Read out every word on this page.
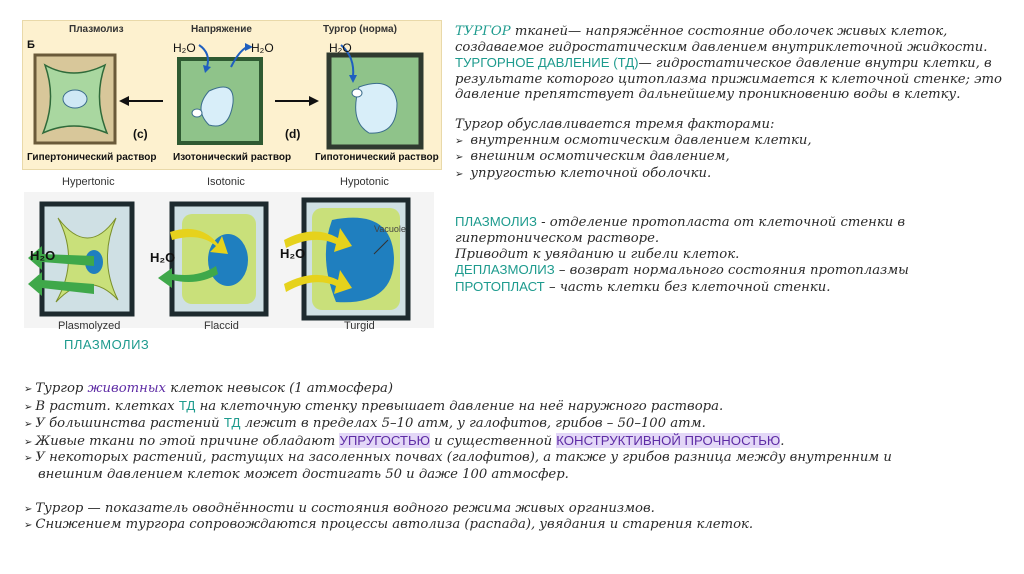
Б
Плазмолиз	Напряжение	Тургор (норма)
H₂O	H₂O	H₂O
(c)	(d)
Гипертонический раствор Изотонический раствор Гипотонический раствор
Hypertonic	Isotonic	Hypotonic
Vacuole
H₂O	H₂O	H₂O
Plasmolyzed	Flaccid	Turgid
ПЛАЗМОЛИЗ

ТУРГОР тканей— напряжённое состояние оболочек живых клеток, создаваемое гидростатическим давлением внутриклеточной жидкости.

ТУРГОРНОЕ ДАВЛЕНИЕ (ТД)— гидростатическое давление внутри клетки, в результате которого цитоплазма прижимается к клеточной стенке; это давление препятствует дальнейшему проникновению воды в клетку.

Тургор обуславливается тремя факторами:

➢ внутренним осмотическим давлением клетки,

➢ внешним осмотическим давлением,

➢ упругостью клеточной оболочки.

ПЛАЗМОЛИЗ - отделение протопласта от клеточной стенки в гипертоническом растворе.

Приводит к увяданию и гибели клеток.

ДЕПЛАЗМОЛИЗ – возврат нормального состояния протоплазмы

ПРОТОПЛАСТ – часть клетки без клеточной стенки.

➢ Тургор животных клеток невысок (1 атмосфера)

➢ В растит. клетках ТД на клеточную стенку превышает давление на неё наружного раствора.

➢ У большинства растений ТД лежит в пределах 5–10 атм, у галофитов, грибов – 50–100 атм.

➢ Живые ткани по этой причине обладают УПРУГОСТЬЮ и существенной КОНСТРУКТИВНОЙ ПРОЧНОСТЬЮ.

➢ У некоторых растений, растущих на засоленных почвах (галофитов), а также у грибов разница между внутренним и

внешним давлением клеток может достигать 50 и даже 100 атмосфер.

➢ Тургор — показатель оводнённости и состояния водного режима живых организмов.

➢ Снижением тургора сопровождаются процессы автолиза (распада), увядания и старения клеток.
